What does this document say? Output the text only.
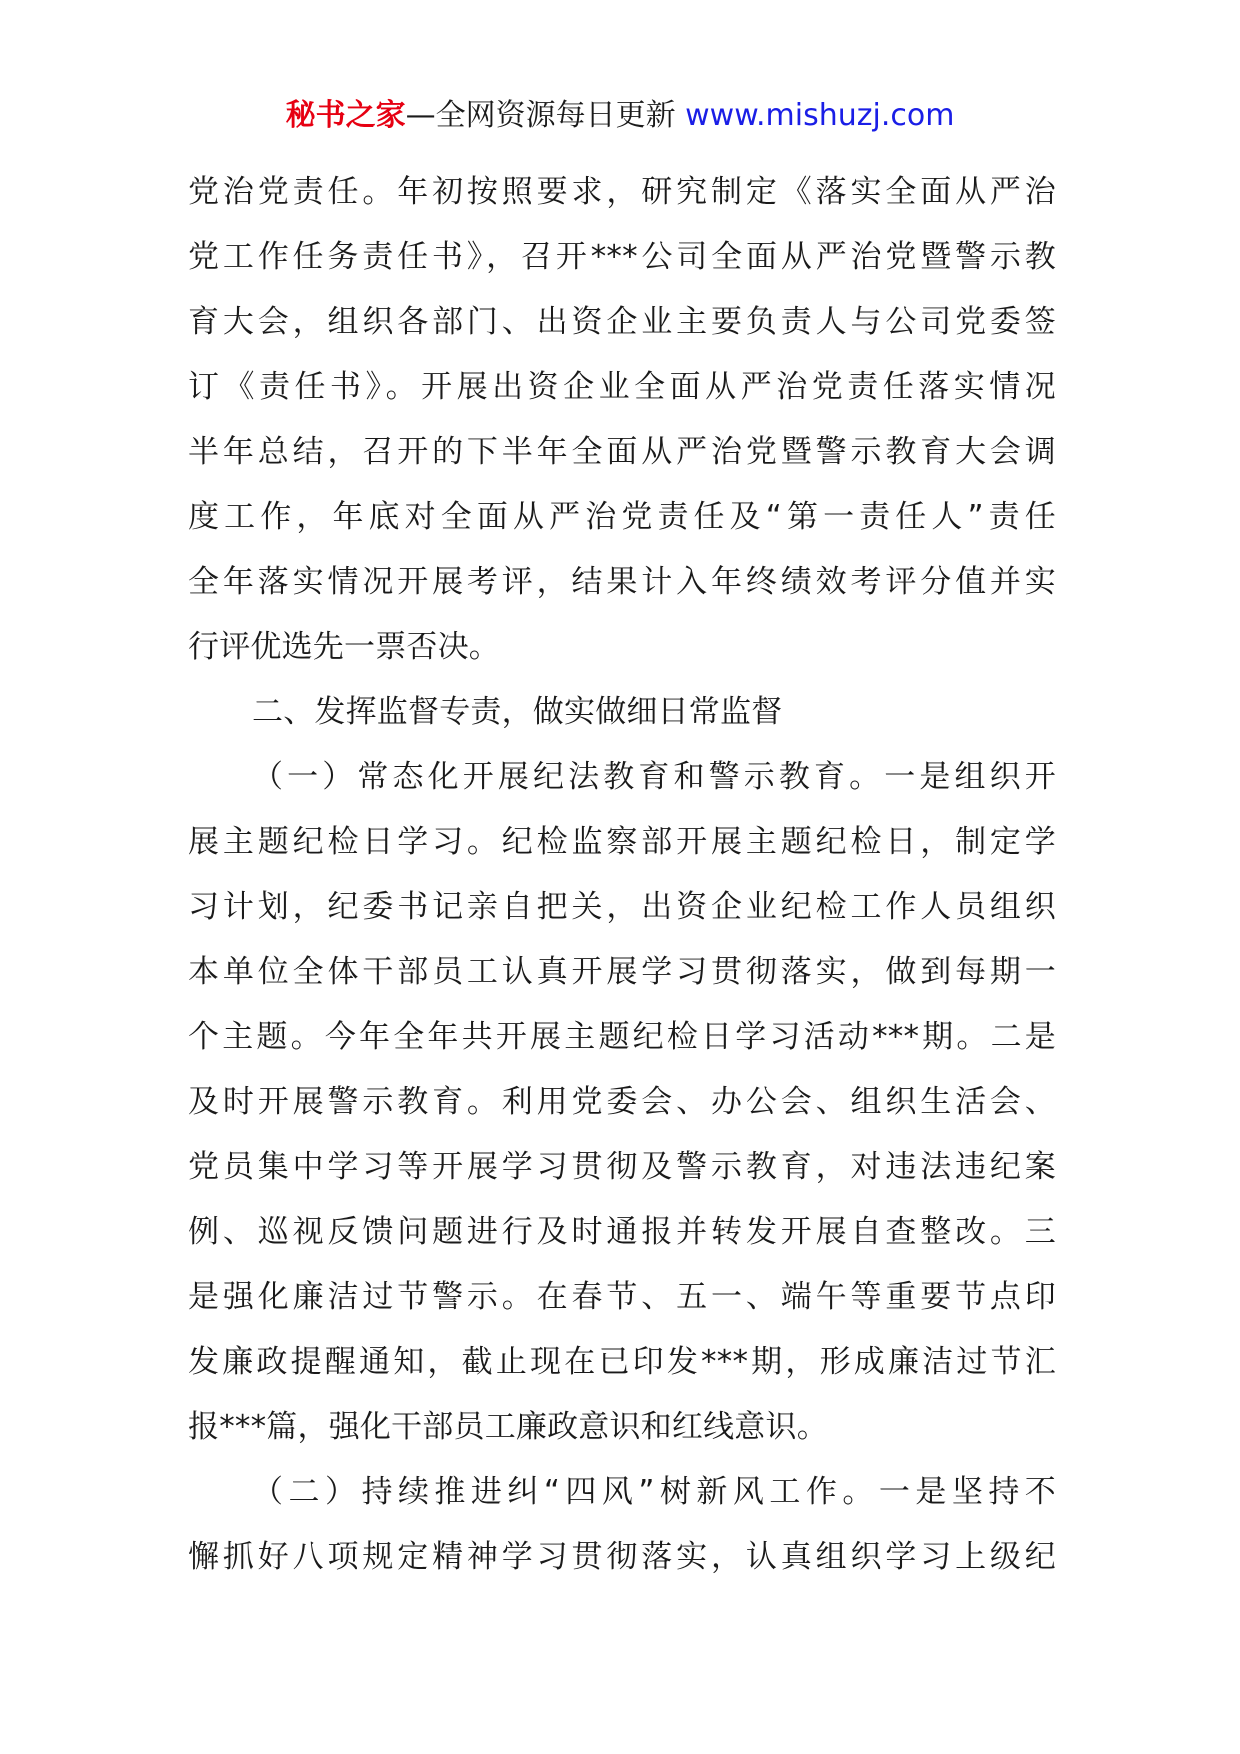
秘书之家—全网资源每日更新 www.mishuzj.com
党治党责任。年初按照要求，研究制定《落实全面从严治
党工作任务责任书》，召开***公司全面从严治党暨警示教
育大会，组织各部门、出资企业主要负责人与公司党委签
订《责任书》。开展出资企业全面从严治党责任落实情况
半年总结，召开的下半年全面从严治党暨警示教育大会调
度工作，年底对全面从严治党责任及“第一责任人”责任
全年落实情况开展考评，结果计入年终绩效考评分值并实
行评优选先一票否决。
二、发挥监督专责，做实做细日常监督
（一）常态化开展纪法教育和警示教育。一是组织开
展主题纪检日学习。纪检监察部开展主题纪检日，制定学
习计划，纪委书记亲自把关，出资企业纪检工作人员组织
本单位全体干部员工认真开展学习贯彻落实，做到每期一
个主题。今年全年共开展主题纪检日学习活动***期。二是
及时开展警示教育。利用党委会、办公会、组织生活会、
党员集中学习等开展学习贯彻及警示教育，对违法违纪案
例、巡视反馈问题进行及时通报并转发开展自查整改。三
是强化廉洁过节警示。在春节、五一、端午等重要节点印
发廉政提醒通知，截止现在已印发***期，形成廉洁过节汇
报***篇，强化干部员工廉政意识和红线意识。
（二）持续推进纠“四风”树新风工作。一是坚持不
懈抓好八项规定精神学习贯彻落实，认真组织学习上级纪
